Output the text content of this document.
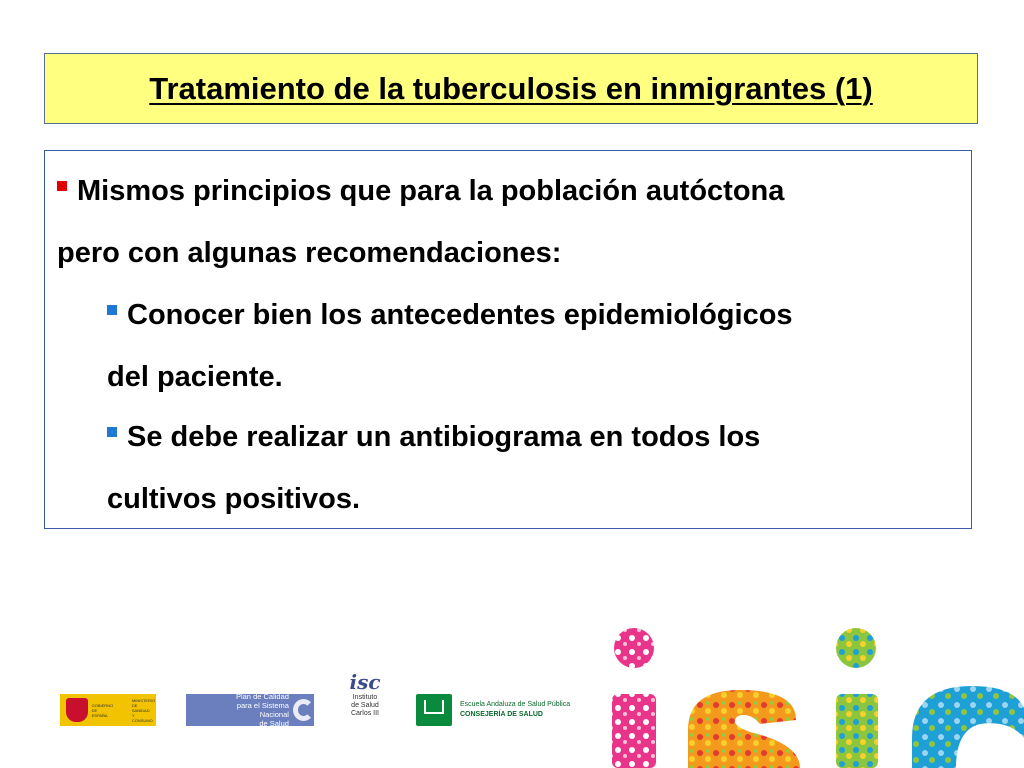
Tratamiento de la tuberculosis en inmigrantes (1)
Mismos principios que para la población autóctona
pero con algunas recomendaciones:
Conocer bien los antecedentes epidemiológicos
del paciente.
Se debe realizar un antibiograma en todos los
cultivos positivos.
GOBIERNO
DE ESPAÑA
MINISTERIO
DE SANIDAD
Y CONSUMO
Plan de Calidad
para el Sistema Nacional
de Salud
isc
Instituto
de Salud
Carlos III
Escuela Andaluza de Salud Pública
CONSEJERÍA DE SALUD
